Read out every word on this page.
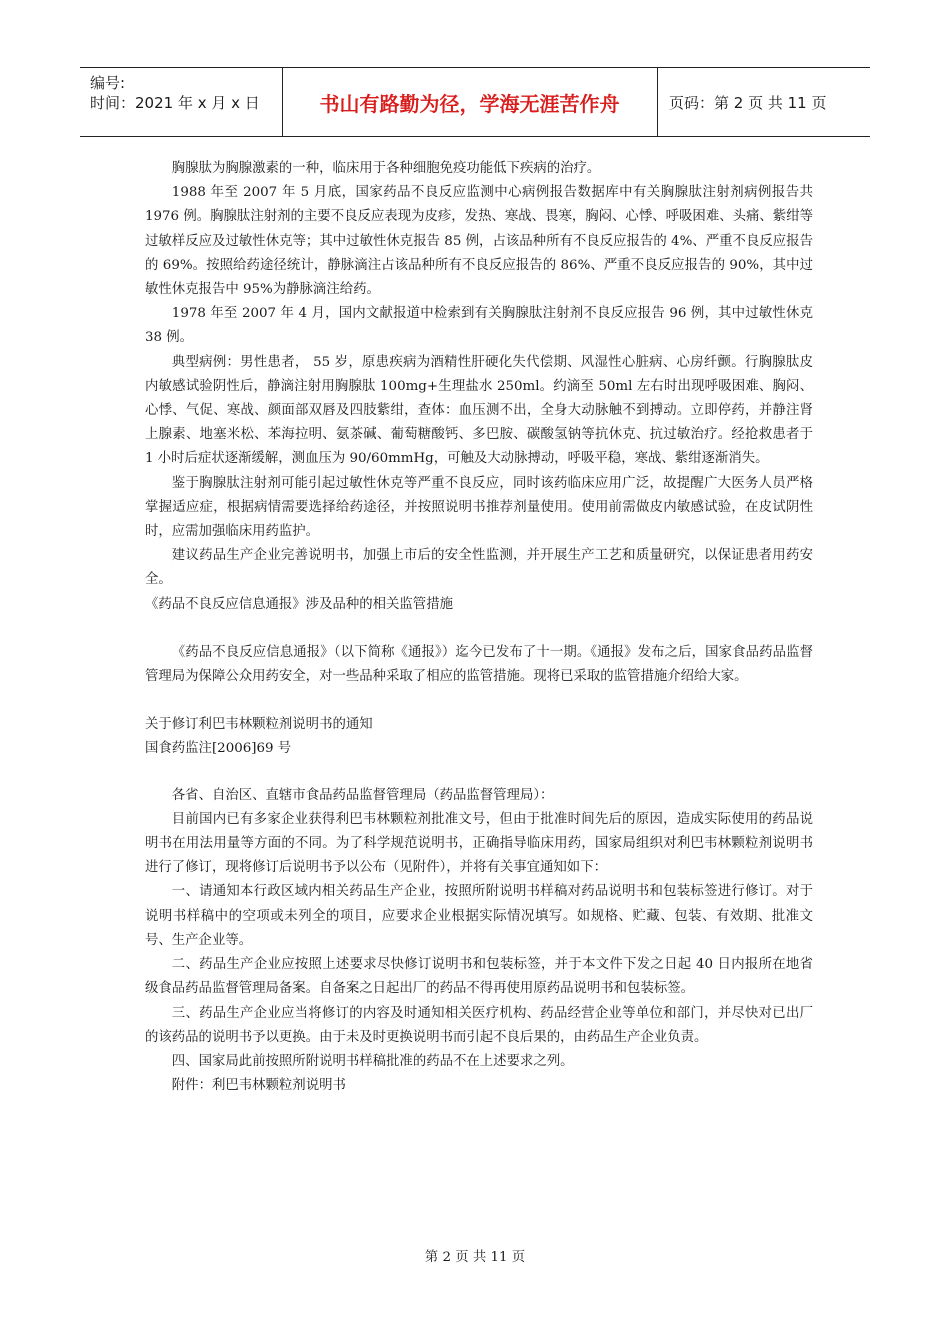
编号:
时间：2021 年 x 月 x 日	书山有路勤为径，学海无涯苦作舟	页码：第 2 页 共 11 页

胸腺肽为胸腺激素的一种，临床用于各种细胞免疫功能低下疾病的治疗。

1988 年至 2007 年 5 月底，国家药品不良反应监测中心病例报告数据库中有关胸腺肽注射剂病例报告共 1976 例。胸腺肽注射剂的主要不良反应表现为皮疹，发热、寒战、畏寒，胸闷、心悸、呼吸困难、头痛、紫绀等过敏样反应及过敏性休克等；其中过敏性休克报告 85 例，占该品种所有不良反应报告的 4%、严重不良反应报告的 69%。按照给药途径统计，静脉滴注占该品种所有不良反应报告的 86%、严重不良反应报告的 90%，其中过敏性休克报告中 95%为静脉滴注给药。

1978 年至 2007 年 4 月，国内文献报道中检索到有关胸腺肽注射剂不良反应报告 96 例，其中过敏性休克 38 例。

典型病例：男性患者， 55 岁，原患疾病为酒精性肝硬化失代偿期、风湿性心脏病、心房纤颤。行胸腺肽皮内敏感试验阴性后，静滴注射用胸腺肽 100mg+生理盐水 250ml。约滴至 50ml 左右时出现呼吸困难、胸闷、心悸、气促、寒战、颜面部双唇及四肢紫绀，查体：血压测不出，全身大动脉触不到搏动。立即停药，并静注肾上腺素、地塞米松、苯海拉明、氨茶碱、葡萄糖酸钙、多巴胺、碳酸氢钠等抗休克、抗过敏治疗。经抢救患者于 1 小时后症状逐渐缓解，测血压为 90/60mmHg，可触及大动脉搏动，呼吸平稳，寒战、紫绀逐渐消失。

鉴于胸腺肽注射剂可能引起过敏性休克等严重不良反应，同时该药临床应用广泛，故提醒广大医务人员严格掌握适应症，根据病情需要选择给药途径，并按照说明书推荐剂量使用。使用前需做皮内敏感试验，在皮试阴性时，应需加强临床用药监护。

建议药品生产企业完善说明书，加强上市后的安全性监测，并开展生产工艺和质量研究，以保证患者用药安全。

《药品不良反应信息通报》涉及品种的相关监管措施

《药品不良反应信息通报》（以下简称《通报》）迄今已发布了十一期。《通报》发布之后，国家食品药品监督管理局为保障公众用药安全，对一些品种采取了相应的监管措施。现将已采取的监管措施介绍给大家。

关于修订利巴韦林颗粒剂说明书的通知

国食药监注[2006]69 号

各省、自治区、直辖市食品药品监督管理局（药品监督管理局）：

目前国内已有多家企业获得利巴韦林颗粒剂批准文号，但由于批准时间先后的原因，造成实际使用的药品说明书在用法用量等方面的不同。为了科学规范说明书，正确指导临床用药，国家局组织对利巴韦林颗粒剂说明书进行了修订，现将修订后说明书予以公布（见附件），并将有关事宜通知如下：

一、请通知本行政区域内相关药品生产企业，按照所附说明书样稿对药品说明书和包装标签进行修订。对于说明书样稿中的空项或未列全的项目，应要求企业根据实际情况填写。如规格、贮藏、包装、有效期、批准文号、生产企业等。

二、药品生产企业应按照上述要求尽快修订说明书和包装标签，并于本文件下发之日起 40 日内报所在地省级食品药品监督管理局备案。自备案之日起出厂的药品不得再使用原药品说明书和包装标签。

三、药品生产企业应当将修订的内容及时通知相关医疗机构、药品经营企业等单位和部门，并尽快对已出厂的该药品的说明书予以更换。由于未及时更换说明书而引起不良后果的，由药品生产企业负责。

四、国家局此前按照所附说明书样稿批准的药品不在上述要求之列。

附件：利巴韦林颗粒剂说明书

第 2 页 共 11 页
